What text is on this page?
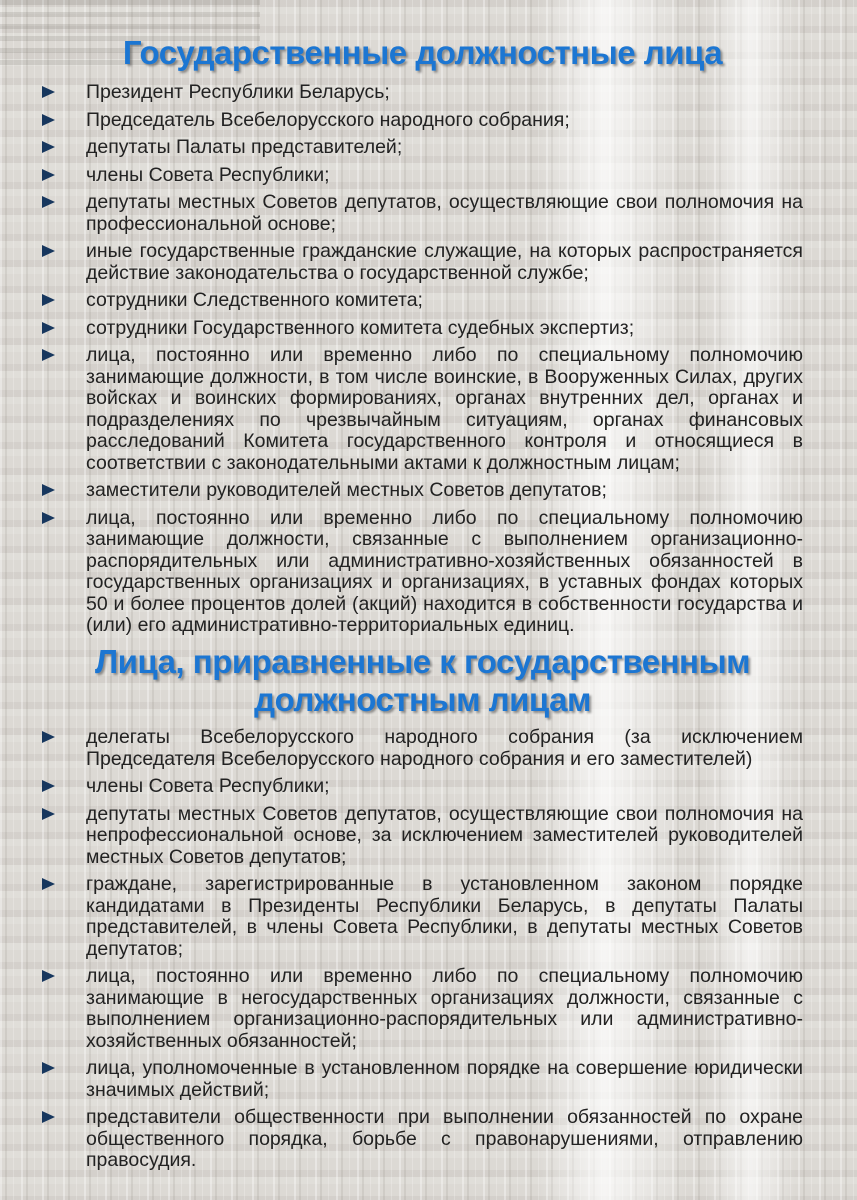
Государственные должностные лица
Президент Республики Беларусь;
Председатель Всебелорусского народного собрания;
депутаты Палаты представителей;
члены Совета Республики;
депутаты местных Советов депутатов, осуществляющие свои полномочия на профессиональной основе;
иные государственные гражданские служащие, на которых распространяется действие законодательства о государственной службе;
сотрудники Следственного комитета;
сотрудники Государственного комитета судебных экспертиз;
лица, постоянно или временно либо по специальному полномочию занимающие должности, в том числе воинские, в Вооруженных Силах, других войсках и воинских формированиях, органах внутренних дел, органах и подразделениях по чрезвычайным ситуациям, органах финансовых расследований Комитета государственного контроля и относящиеся в соответствии с законодательными актами к должностным лицам;
заместители руководителей местных Советов депутатов;
лица, постоянно или временно либо по специальному полномочию занимающие должности, связанные с выполнением организационно-распорядительных или административно-хозяйственных обязанностей в государственных организациях и организациях, в уставных фондах которых 50 и более процентов долей (акций) находится в собственности государства и (или) его административно-территориальных единиц.
Лица, приравненные к государственным должностным лицам
делегаты Всебелорусского народного собрания (за исключением Председателя Всебелорусского народного собрания и его заместителей)
члены Совета Республики;
депутаты местных Советов депутатов, осуществляющие свои полномочия на непрофессиональной основе, за исключением заместителей руководителей местных Советов депутатов;
граждане, зарегистрированные в установленном законом порядке кандидатами в Президенты Республики Беларусь, в депутаты Палаты представителей, в члены Совета Республики, в депутаты местных Советов депутатов;
лица, постоянно или временно либо по специальному полномочию занимающие в негосударственных организациях должности, связанные с выполнением организационно-распорядительных или административно-хозяйственных обязанностей;
лица, уполномоченные в установленном порядке на совершение юридически значимых действий;
представители общественности при выполнении обязанностей по охране общественного порядка, борьбе с правонарушениями, отправлению правосудия.
